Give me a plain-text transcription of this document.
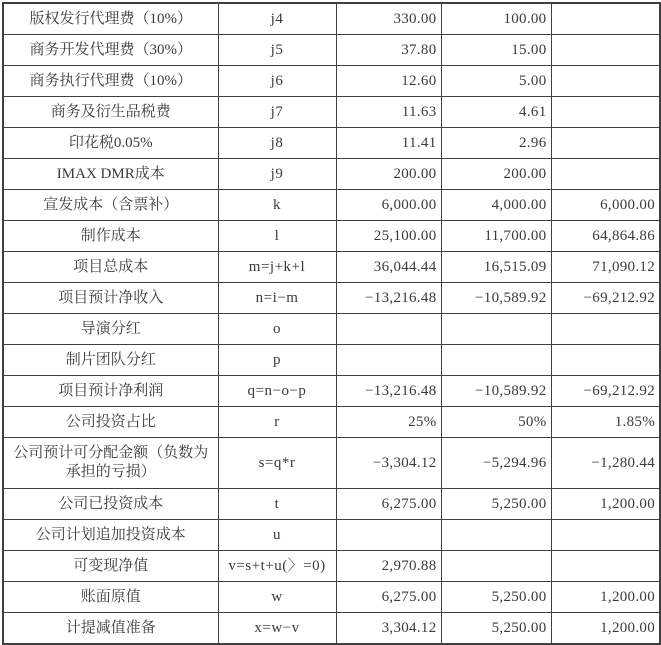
版权发行代理费（10%）	j4	330.00	100.00	
商务开发代理费（30%）	j5	37.80	15.00	
商务执行代理费（10%）	j6	12.60	5.00	
商务及衍生品税费	j7	11.63	4.61	
印花税0.05%	j8	11.41	2.96	
IMAX DMR成本	j9	200.00	200.00	
宣发成本（含票补）	k	6,000.00	4,000.00	6,000.00
制作成本	l	25,100.00	11,700.00	64,864.86
项目总成本	m=j+k+l	36,044.44	16,515.09	71,090.12
项目预计净收入	n=i−m	−13,216.48	−10,589.92	−69,212.92
导演分红	o			
制片团队分红	p			
项目预计净利润	q=n−o−p	−13,216.48	−10,589.92	−69,212.92
公司投资占比	r	25%	50%	1.85%
公司预计可分配金额（负数为承担的亏损）	s=q*r	−3,304.12	−5,294.96	−1,280.44
公司已投资成本	t	6,275.00	5,250.00	1,200.00
公司计划追加投资成本	u			
可变现净值	v=s+t+u(〉=0)	2,970.88		
账面原值	w	6,275.00	5,250.00	1,200.00
计提减值准备	x=w−v	3,304.12	5,250.00	1,200.00
